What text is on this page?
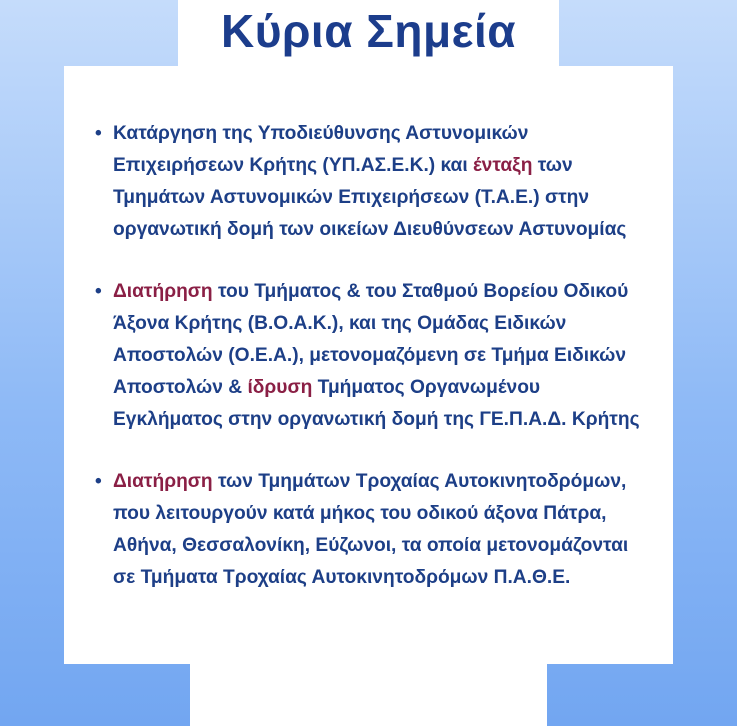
Κύρια Σημεία
• Κατάργηση της Υποδιεύθυνσης Αστυνομικών
Επιχειρήσεων Κρήτης (ΥΠ.ΑΣ.Ε.Κ.) και ένταξη των
Τμημάτων Αστυνομικών Επιχειρήσεων (Τ.Α.Ε.) στην
οργανωτική δομή των οικείων Διευθύνσεων Αστυνομίας
• Διατήρηση του Τμήματος & του Σταθμού Βορείου Οδικού
Άξονα Κρήτης (Β.Ο.Α.Κ.), και της Ομάδας Ειδικών
Αποστολών (Ο.Ε.Α.), μετονομαζόμενη σε Τμήμα Ειδικών
Αποστολών & ίδρυση Τμήματος Οργανωμένου
Εγκλήματος στην οργανωτική δομή της ΓΕ.Π.Α.Δ. Κρήτης
• Διατήρηση των Τμημάτων Τροχαίας Αυτοκινητοδρόμων,
που λειτουργούν κατά μήκος του οδικού άξονα Πάτρα,
Αθήνα, Θεσσαλονίκη, Εύζωνοι, τα οποία μετονομάζονται
σε Τμήματα Τροχαίας Αυτοκινητοδρόμων Π.Α.Θ.Ε.
